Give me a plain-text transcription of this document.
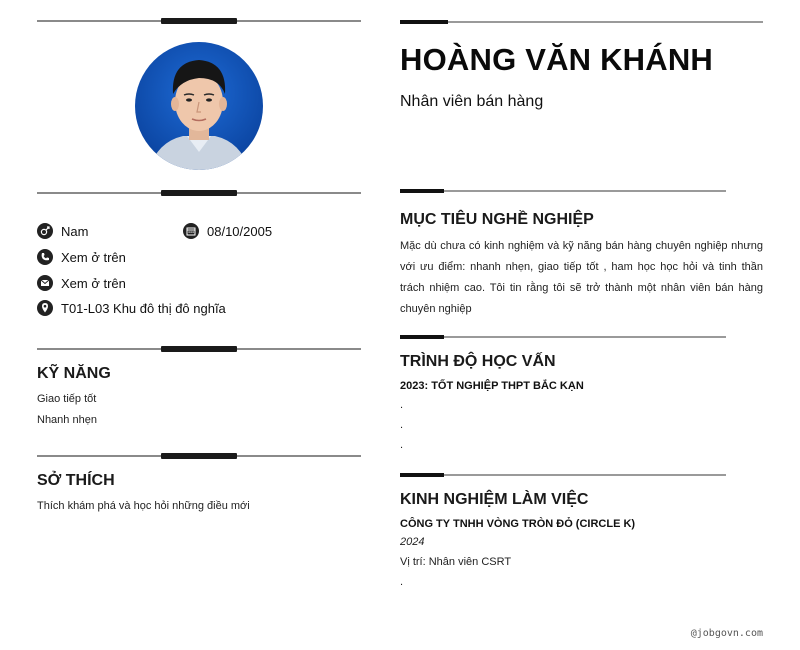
Nam	08/10/2005
Xem ở trên
Xem ở trên
T01-L03 Khu đô thị đô nghĩa
KỸ NĂNG
Giao tiếp tốt
Nhanh nhẹn
SỞ THÍCH
Thích khám phá và học hỏi những điều mới
HOÀNG VĂN KHÁNH
Nhân viên bán hàng
MỤC TIÊU NGHỀ NGHIỆP
Mặc dù chưa có kinh nghiệm và kỹ năng bán hàng chuyên nghiệp nhưng với ưu điểm: nhanh nhẹn, giao tiếp tốt , ham học học hỏi và tinh thần trách nhiệm cao. Tôi tin rằng tôi sẽ trở thành một nhân viên bán hàng chuyên nghiệp
TRÌNH ĐỘ HỌC VẤN
2023: TỐT NGHIỆP THPT BẮC KẠN
.
.
.
KINH NGHIỆM LÀM VIỆC
CÔNG TY TNHH VÒNG TRÒN ĐỎ (CIRCLE K)
2024
Vị trí: Nhân viên CSRT
.
@jobgovn.com
